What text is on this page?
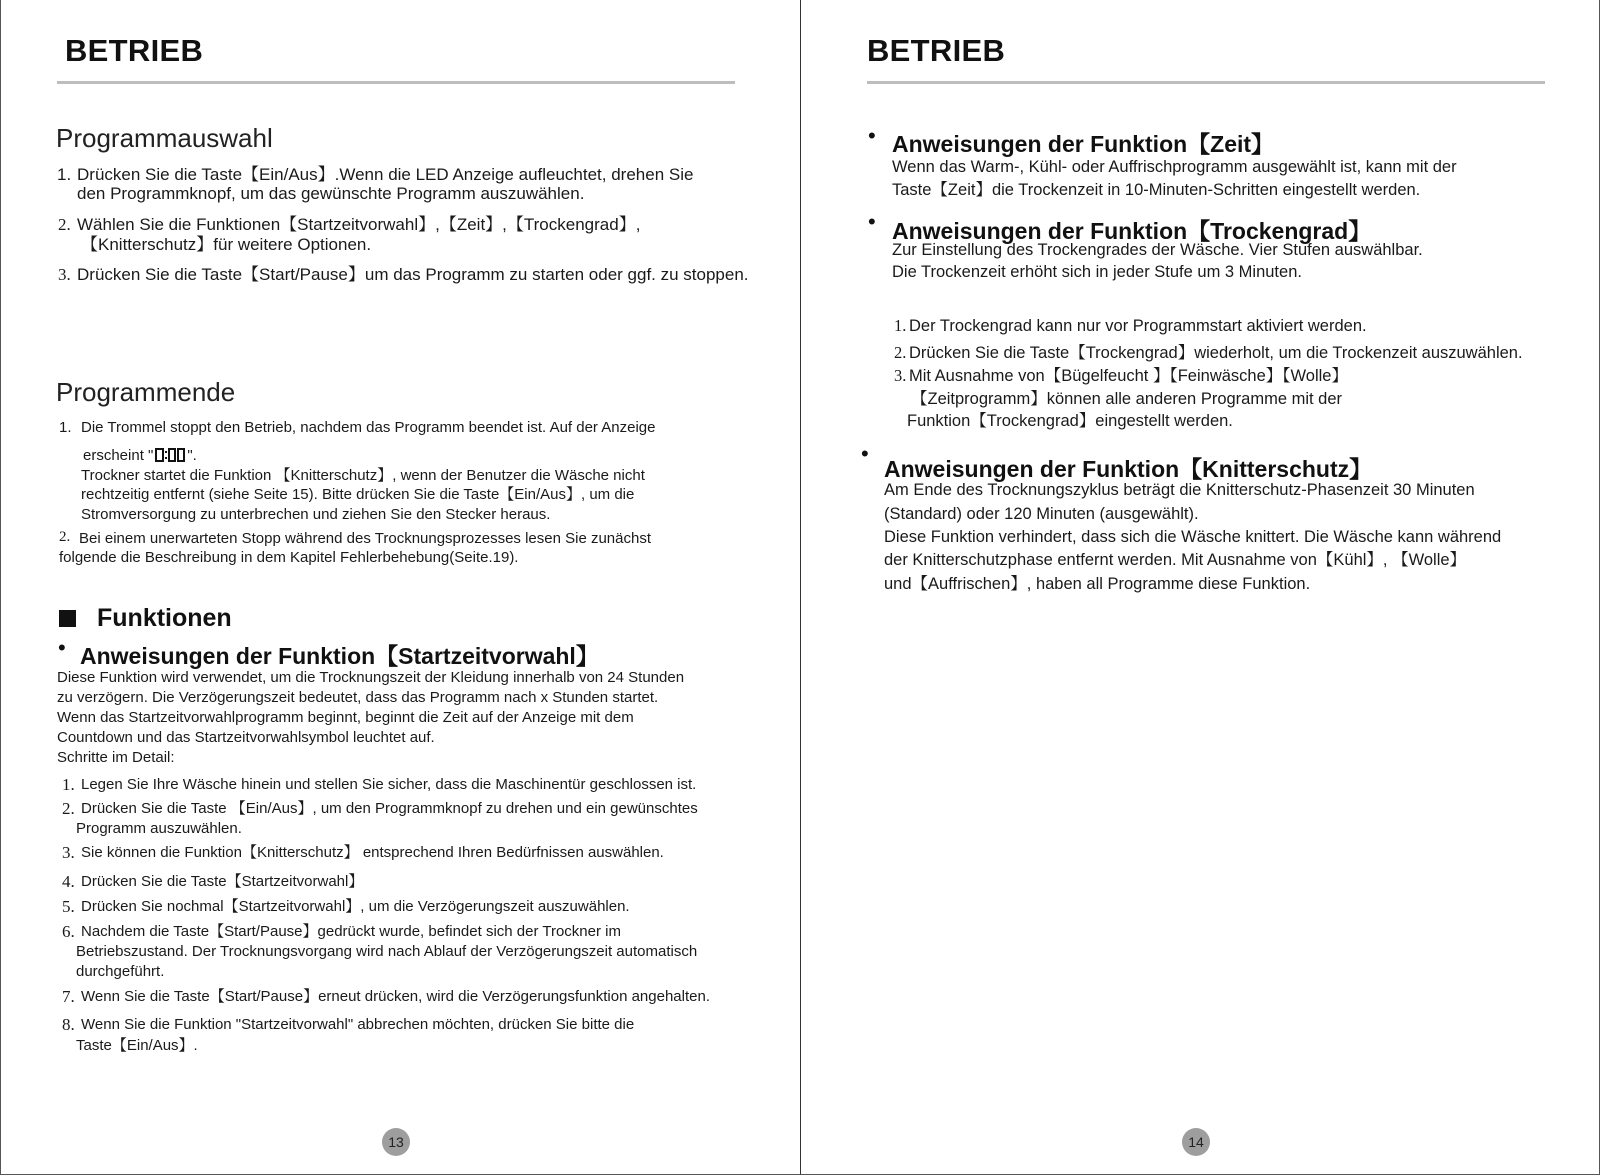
BETRIEB
Programmauswahl
1. Drücken Sie die Taste【Ein/Aus】.Wenn die LED Anzeige aufleuchtet, drehen Sie
den Programmknopf, um das gewünschte Programm auszuwählen.
2. Wählen Sie die Funktionen【Startzeitvorwahl】,【Zeit】,【Trockengrad】,
【Knitterschutz】für weitere Optionen.
3. Drücken Sie die Taste【Start/Pause】um das Programm zu starten oder ggf. zu stoppen.
Programmende
1. Die Trommel stoppt den Betrieb, nachdem das Programm beendet ist. Auf der Anzeige
erscheint " ".
Trockner startet die Funktion 【Knitterschutz】, wenn der Benutzer die Wäsche nicht
rechtzeitig entfernt (siehe Seite 15). Bitte drücken Sie die Taste【Ein/Aus】, um die
Stromversorgung zu unterbrechen und ziehen Sie den Stecker heraus.
2. Bei einem unerwarteten Stopp während des Trocknungsprozesses lesen Sie zunächst
folgende die Beschreibung in dem Kapitel Fehlerbehebung(Seite.19).
Funktionen
• Anweisungen der Funktion【Startzeitvorwahl】
Diese Funktion wird verwendet, um die Trocknungszeit der Kleidung innerhalb von 24 Stunden
zu verzögern. Die Verzögerungszeit bedeutet, dass das Programm nach x Stunden startet.
Wenn das Startzeitvorwahlprogramm beginnt, beginnt die Zeit auf der Anzeige mit dem
Countdown und das Startzeitvorwahlsymbol leuchtet auf.
Schritte im Detail:
1. Legen Sie Ihre Wäsche hinein und stellen Sie sicher, dass die Maschinentür geschlossen ist.
2. Drücken Sie die Taste 【Ein/Aus】, um den Programmknopf zu drehen und ein gewünschtes
Programm auszuwählen.
3. Sie können die Funktion【Knitterschutz】 entsprechend Ihren Bedürfnissen auswählen.
4. Drücken Sie die Taste【Startzeitvorwahl】
5. Drücken Sie nochmal【Startzeitvorwahl】, um die Verzögerungszeit auszuwählen.
6. Nachdem die Taste【Start/Pause】gedrückt wurde, befindet sich der Trockner im
Betriebszustand. Der Trocknungsvorgang wird nach Ablauf der Verzögerungszeit automatisch
durchgeführt.
7. Wenn Sie die Taste【Start/Pause】erneut drücken, wird die Verzögerungsfunktion angehalten.
8. Wenn Sie die Funktion "Startzeitvorwahl" abbrechen möchten, drücken Sie bitte die
Taste【Ein/Aus】.
13
BETRIEB
• Anweisungen der Funktion【Zeit】
Wenn das Warm-, Kühl- oder Auffrischprogramm ausgewählt ist, kann mit der
Taste【Zeit】die Trockenzeit in 10-Minuten-Schritten eingestellt werden.
• Anweisungen der Funktion【Trockengrad】
Zur Einstellung des Trockengrades der Wäsche. Vier Stufen auswählbar.
Die Trockenzeit erhöht sich in jeder Stufe um 3 Minuten.
1. Der Trockengrad kann nur vor Programmstart aktiviert werden.
2. Drücken Sie die Taste【Trockengrad】wiederholt, um die Trockenzeit auszuwählen.
3. Mit Ausnahme von【Bügelfeucht 】【Feinwäsche】【Wolle】
【Zeitprogramm】können alle anderen Programme mit der
Funktion【Trockengrad】eingestellt werden.
•
Anweisungen der Funktion【Knitterschutz】
Am Ende des Trocknungszyklus beträgt die Knitterschutz-Phasenzeit 30 Minuten
(Standard) oder 120 Minuten (ausgewählt).
Diese Funktion verhindert, dass sich die Wäsche knittert. Die Wäsche kann während
der Knitterschutzphase entfernt werden. Mit Ausnahme von【Kühl】, 【Wolle】
und【Auffrischen】, haben all Programme diese Funktion.
14
